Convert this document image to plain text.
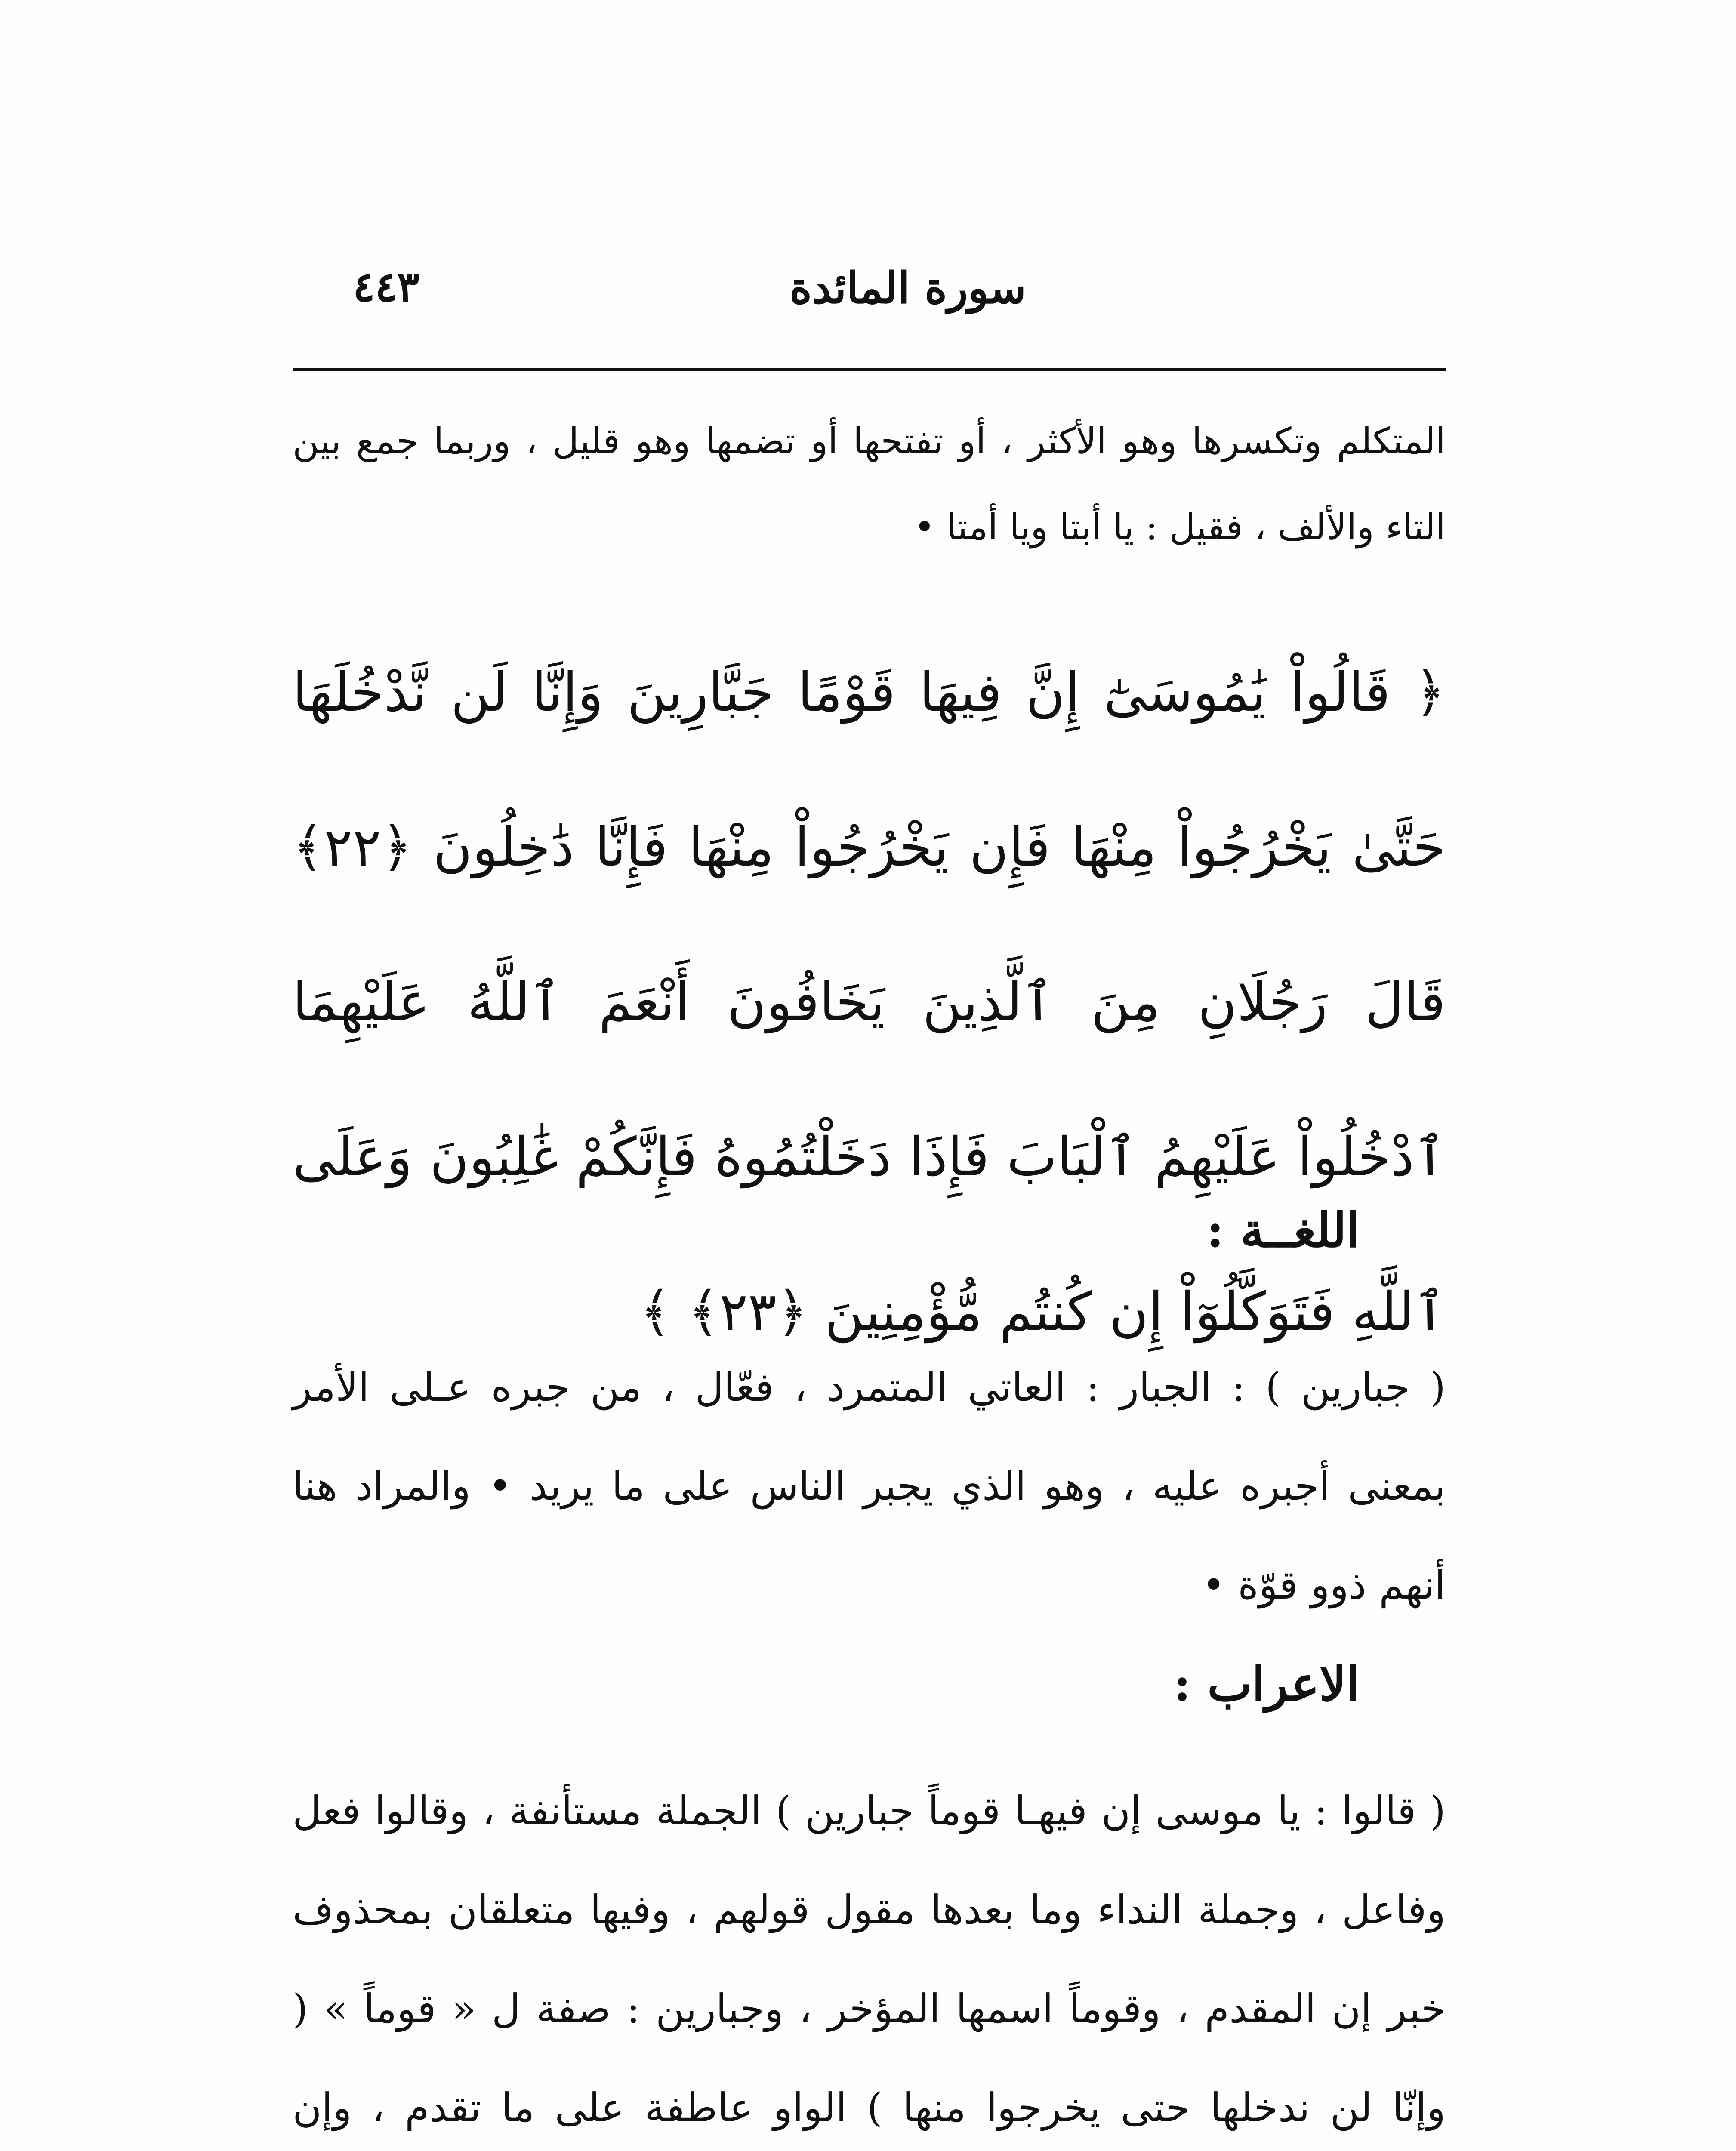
٤٤٣	سورة المائدة
المتكلم وتكسرها وهو الأكثر ، أو تفتحها أو تضمها وهو قليل ، وربما جمع بين التاء والألف ، فقيل : يا أبتا ويا أمتا •
﴿ قَالُواْ يَٰمُوسَىٰٓ إِنَّ فِيهَا قَوْمًا جَبَّارِينَ وَإِنَّا لَن نَّدْخُلَهَا حَتَّىٰ يَخْرُجُواْ مِنْهَا فَإِن يَخْرُجُواْ مِنْهَا فَإِنَّا دَٰخِلُونَ ﴿٢٢﴾ قَالَ رَجُلَانِ مِنَ ٱلَّذِينَ يَخَافُونَ أَنْعَمَ ٱللَّهُ عَلَيْهِمَا ٱدْخُلُواْ عَلَيْهِمُ ٱلْبَابَ فَإِذَا دَخَلْتُمُوهُ فَإِنَّكُمْ غَٰلِبُونَ وَعَلَى ٱللَّهِ فَتَوَكَّلُوٓاْ إِن كُنتُم مُّؤْمِنِينَ ﴿٢٣﴾ ﴾
اللغــة :
( جبارين ) : الجبار : العاتي المتمرد ، فعّال ، من جبره عـلى الأمر بمعنى أجبره عليه ، وهو الذي يجبر الناس على ما يريد • والمراد هنا أنهم ذوو قوّة •
الاعراب :
( قالوا : يا موسى إن فيهـا قوماً جبارين ) الجملة مستأنفة ، وقالوا فعل وفاعل ، وجملة النداء وما بعدها مقول قولهم ، وفيها متعلقان بمحذوف خبر إن المقدم ، وقوماً اسمها المؤخر ، وجبارين : صفة ل « قوماً » ( وإنّا لن ندخلها حتى يخرجوا منها ) الواو عاطفة على ما تقدم ، وإن
